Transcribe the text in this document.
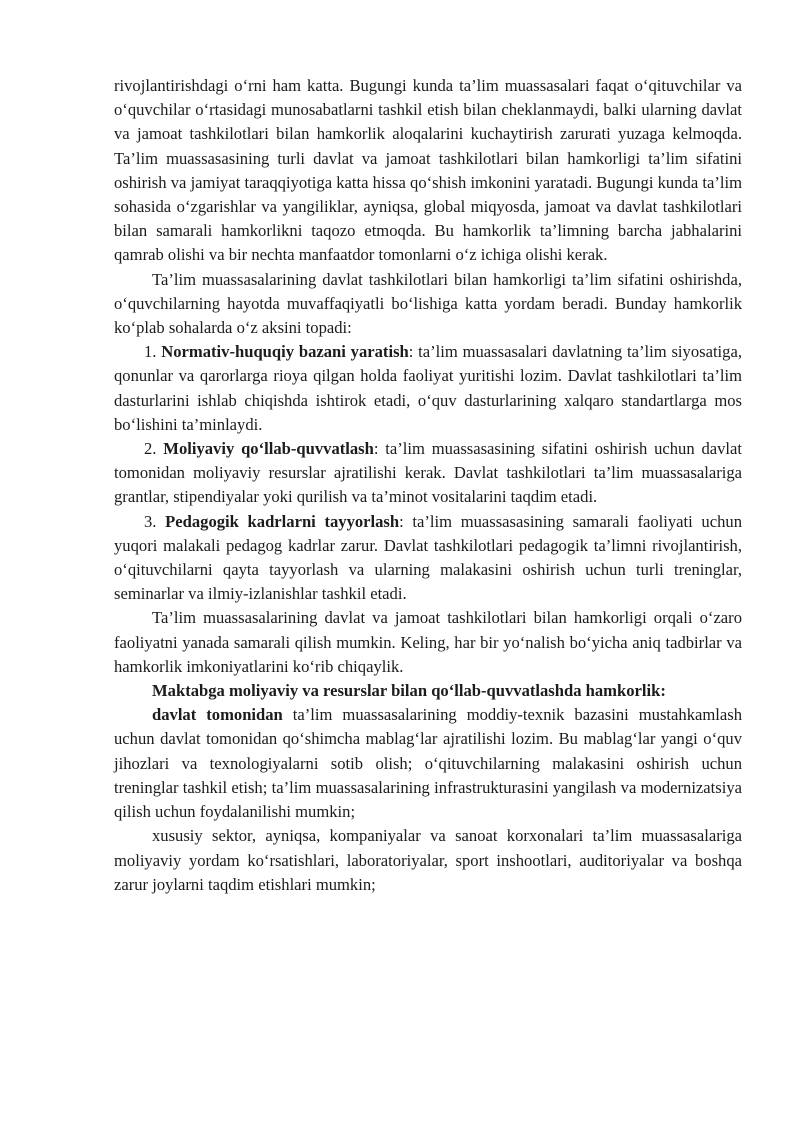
rivojlantirishdagi o‘rni ham katta. Bugungi kunda ta’lim muassasalari faqat o‘qituvchilar va o‘quvchilar o‘rtasidagi munosabatlarni tashkil etish bilan cheklanmaydi, balki ularning davlat va jamoat tashkilotlari bilan hamkorlik aloqalarini kuchaytirish zarurati yuzaga kelmoqda. Ta’lim muassasasining turli davlat va jamoat tashkilotlari bilan hamkorligi ta’lim sifatini oshirish va jamiyat taraqqiyotiga katta hissa qo‘shish imkonini yaratadi. Bugungi kunda ta’lim sohasida o‘zgarishlar va yangiliklar, ayniqsa, global miqyosda, jamoat va davlat tashkilotlari bilan samarali hamkorlikni taqozo etmoqda. Bu hamkorlik ta’limning barcha jabhalarini qamrab olishi va bir nechta manfaatdor tomonlarni o‘z ichiga olishi kerak.

Ta’lim muassasalarining davlat tashkilotlari bilan hamkorligi ta’lim sifatini oshirishda, o‘quvchilarning hayotda muvaffaqiyatli bo‘lishiga katta yordam beradi. Bunday hamkorlik ko‘plab sohalarda o‘z aksini topadi:

1. Normativ-huquqiy bazani yaratish: ta’lim muassasalari davlatning ta’lim siyosatiga, qonunlar va qarorlarga rioya qilgan holda faoliyat yuritishi lozim. Davlat tashkilotlari ta’lim dasturlarini ishlab chiqishda ishtirok etadi, o‘quv dasturlarining xalqaro standartlarga mos bo‘lishini ta’minlaydi.

2. Moliyaviy qo‘llab-quvvatlash: ta’lim muassasasining sifatini oshirish uchun davlat tomonidan moliyaviy resurslar ajratilishi kerak. Davlat tashkilotlari ta’lim muassasalariga grantlar, stipendiyalar yoki qurilish va ta’minot vositalarini taqdim etadi.

3. Pedagogik kadrlarni tayyorlash: ta’lim muassasasining samarali faoliyati uchun yuqori malakali pedagog kadrlar zarur. Davlat tashkilotlari pedagogik ta’limni rivojlantirish, o‘qituvchilarni qayta tayyorlash va ularning malakasini oshirish uchun turli treninglar, seminarlar va ilmiy-izlanishlar tashkil etadi.

Ta’lim muassasalarining davlat va jamoat tashkilotlari bilan hamkorligi orqali o‘zaro faoliyatni yanada samarali qilish mumkin. Keling, har bir yo‘nalish bo‘yicha aniq tadbirlar va hamkorlik imkoniyatlarini ko‘rib chiqaylik.

Maktabga moliyaviy va resurslar bilan qo‘llab-quvvatlashda hamkorlik:

davlat tomonidan ta’lim muassasalarining moddiy-texnik bazasini mustahkamlash uchun davlat tomonidan qo‘shimcha mablag‘lar ajratilishi lozim. Bu mablag‘lar yangi o‘quv jihozlari va texnologiyalarni sotib olish; o‘qituvchilarning malakasini oshirish uchun treninglar tashkil etish; ta’lim muassasalarining infrastrukturasini yangilash va modernizatsiya qilish uchun foydalanilishi mumkin;

xususiy sektor, ayniqsa, kompaniyalar va sanoat korxonalari ta’lim muassasalariga moliyaviy yordam ko‘rsatishlari, laboratoriyalar, sport inshootlari, auditoriyalar va boshqa zarur joylarni taqdim etishlari mumkin;
